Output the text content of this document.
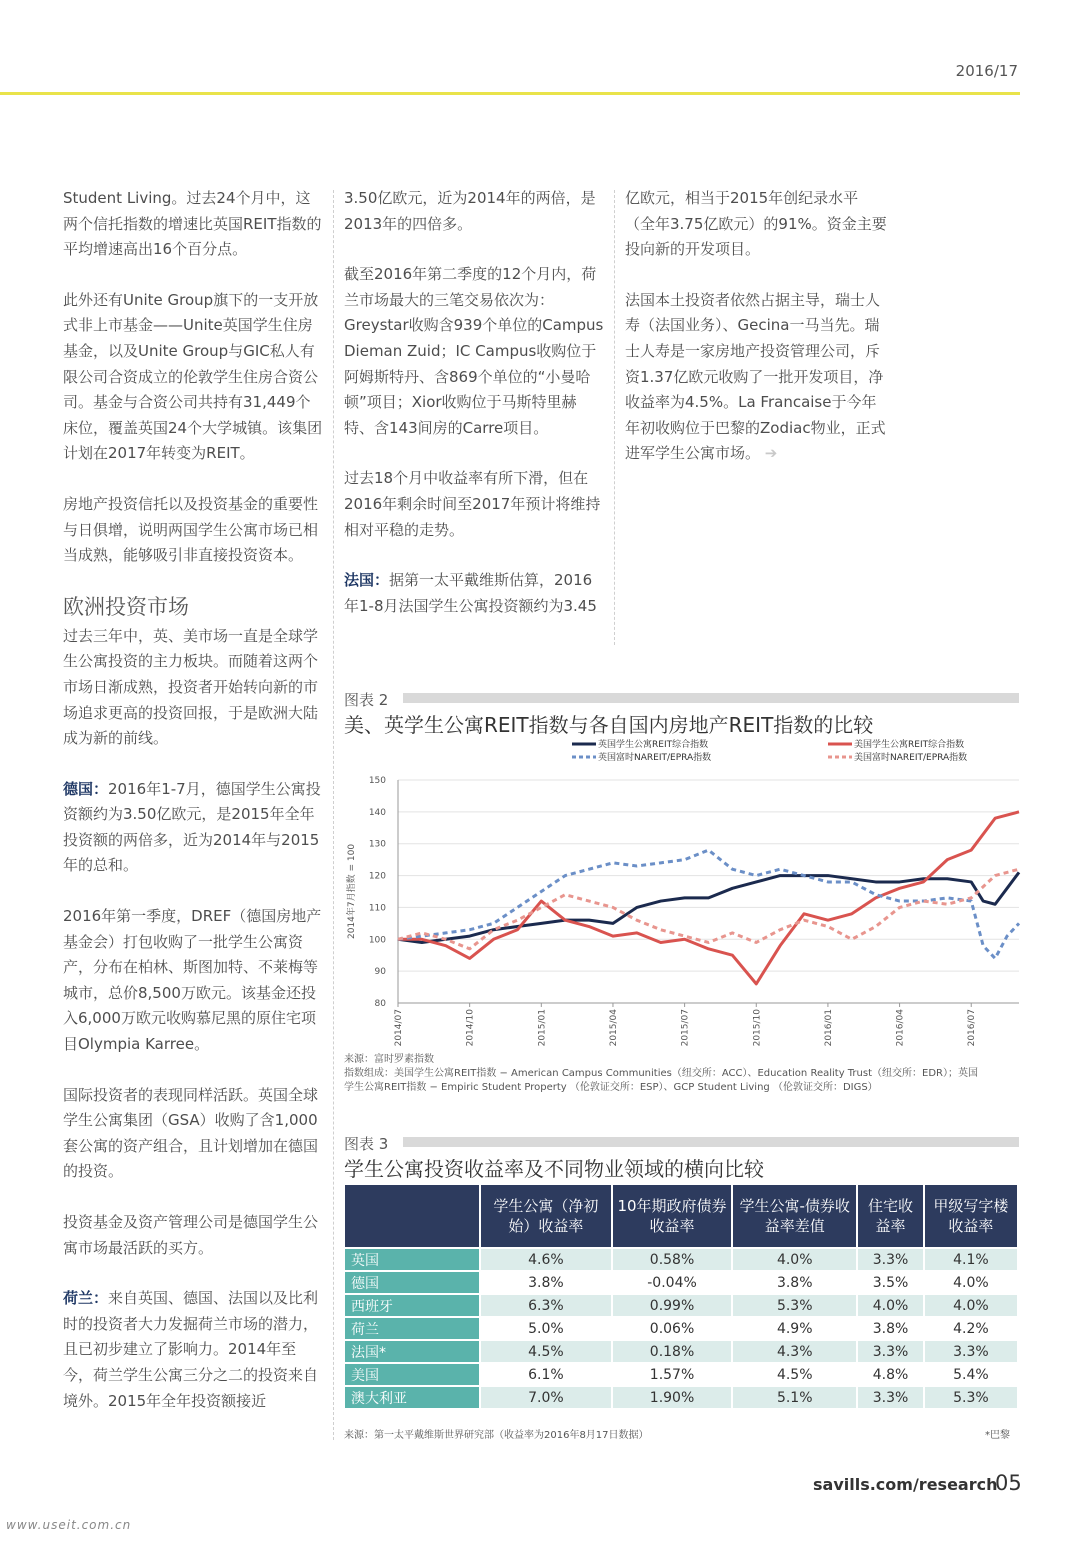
2016/17

Student Living。过去24个月中，这两个信托指数的增速比英国REIT指数的平均增速高出16个百分点。

此外还有Unite Group旗下的一支开放式非上市基金——Unite英国学生住房基金，以及Unite Group与GIC私人有限公司合资成立的伦敦学生住房合资公司。基金与合资公司共持有31,449个床位，覆盖英国24个大学城镇。该集团计划在2017年转变为REIT。

房地产投资信托以及投资基金的重要性与日俱增，说明两国学生公寓市场已相当成熟，能够吸引非直接投资资本。

欧洲投资市场

过去三年中，英、美市场一直是全球学生公寓投资的主力板块。而随着这两个市场日渐成熟，投资者开始转向新的市场追求更高的投资回报，于是欧洲大陆成为新的前线。

德国：2016年1-7月，德国学生公寓投资额约为3.50亿欧元，是2015年全年投资额的两倍多，近为2014年与2015年的总和。

2016年第一季度，DREF（德国房地产基金会）打包收购了一批学生公寓资产，分布在柏林、斯图加特、不莱梅等城市，总价8,500万欧元。该基金还投入6,000万欧元收购慕尼黑的原住宅项目Olympia Karree。

国际投资者的表现同样活跃。英国全球学生公寓集团（GSA）收购了含1,000套公寓的资产组合，且计划增加在德国的投资。

投资基金及资产管理公司是德国学生公寓市场最活跃的买方。

荷兰：来自英国、德国、法国以及比利时的投资者大力发掘荷兰市场的潜力，且已初步建立了影响力。2014年至今，荷兰学生公寓三分之二的投资来自境外。2015年全年投资额接近

3.50亿欧元，近为2014年的两倍，是2013年的四倍多。

截至2016年第二季度的12个月内，荷兰市场最大的三笔交易依次为：Greystar收购含939个单位的Campus Dieman Zuid；IC Campus收购位于阿姆斯特丹、含869个单位的“小曼哈顿”项目；Xior收购位于马斯特里赫特、含143间房的Carre项目。

过去18个月中收益率有所下滑，但在2016年剩余时间至2017年预计将维持相对平稳的走势。

法国：据第一太平戴维斯估算，2016年1-8月法国学生公寓投资额约为3.45

亿欧元，相当于2015年创纪录水平（全年3.75亿欧元）的91%。资金主要投向新的开发项目。

法国本土投资者依然占据主导，瑞士人寿（法国业务）、Gecina一马当先。瑞士人寿是一家房地产投资管理公司，斥资1.37亿欧元收购了一批开发项目，净收益率为4.5%。La Francaise于今年年初收购位于巴黎的Zodiac物业，正式进军学生公寓市场。 ➔

图表 2
美、英学生公寓REIT指数与各自国内房地产REIT指数的比较
英国学生公寓REIT综合指数	美国学生公寓REIT综合指数
英国富时NAREIT/EPRA指数	美国富时NAREIT/EPRA指数
80
90
100
110
120
130
140
150
2014/07	2014/10	2015/01	2015/04	2015/07	2015/10	2016/01	2016/04	2016/07
2014年7月指数 = 100
来源：富时罗素指数
指数组成：美国学生公寓REIT指数 − American Campus Communities（纽交所：ACC）、Education Reality Trust（纽交所：EDR）；英国
学生公寓REIT指数 − Empiric Student Property （伦敦证交所：ESP）、GCP Student Living （伦敦证交所：DIGS）
图表 3
学生公寓投资收益率及不同物业领域的横向比较
	学生公寓（净初始）收益率	10年期政府债券收益率	学生公寓-债券收益率差值	住宅收益率	甲级写字楼收益率
英国	4.6%	0.58%	4.0%	3.3%	4.1%
德国	3.8%	-0.04%	3.8%	3.5%	4.0%
西班牙	6.3%	0.99%	5.3%	4.0%	4.0%
荷兰	5.0%	0.06%	4.9%	3.8%	4.2%
法国*	4.5%	0.18%	4.3%	3.3%	3.3%
美国	6.1%	1.57%	4.5%	4.8%	5.4%
澳大利亚	7.0%	1.90%	5.1%	3.3%	5.3%
来源：第一太平戴维斯世界研究部（收益率为2016年8月17日数据）	*巴黎
savills.com/research
05
www.useit.com.cn
